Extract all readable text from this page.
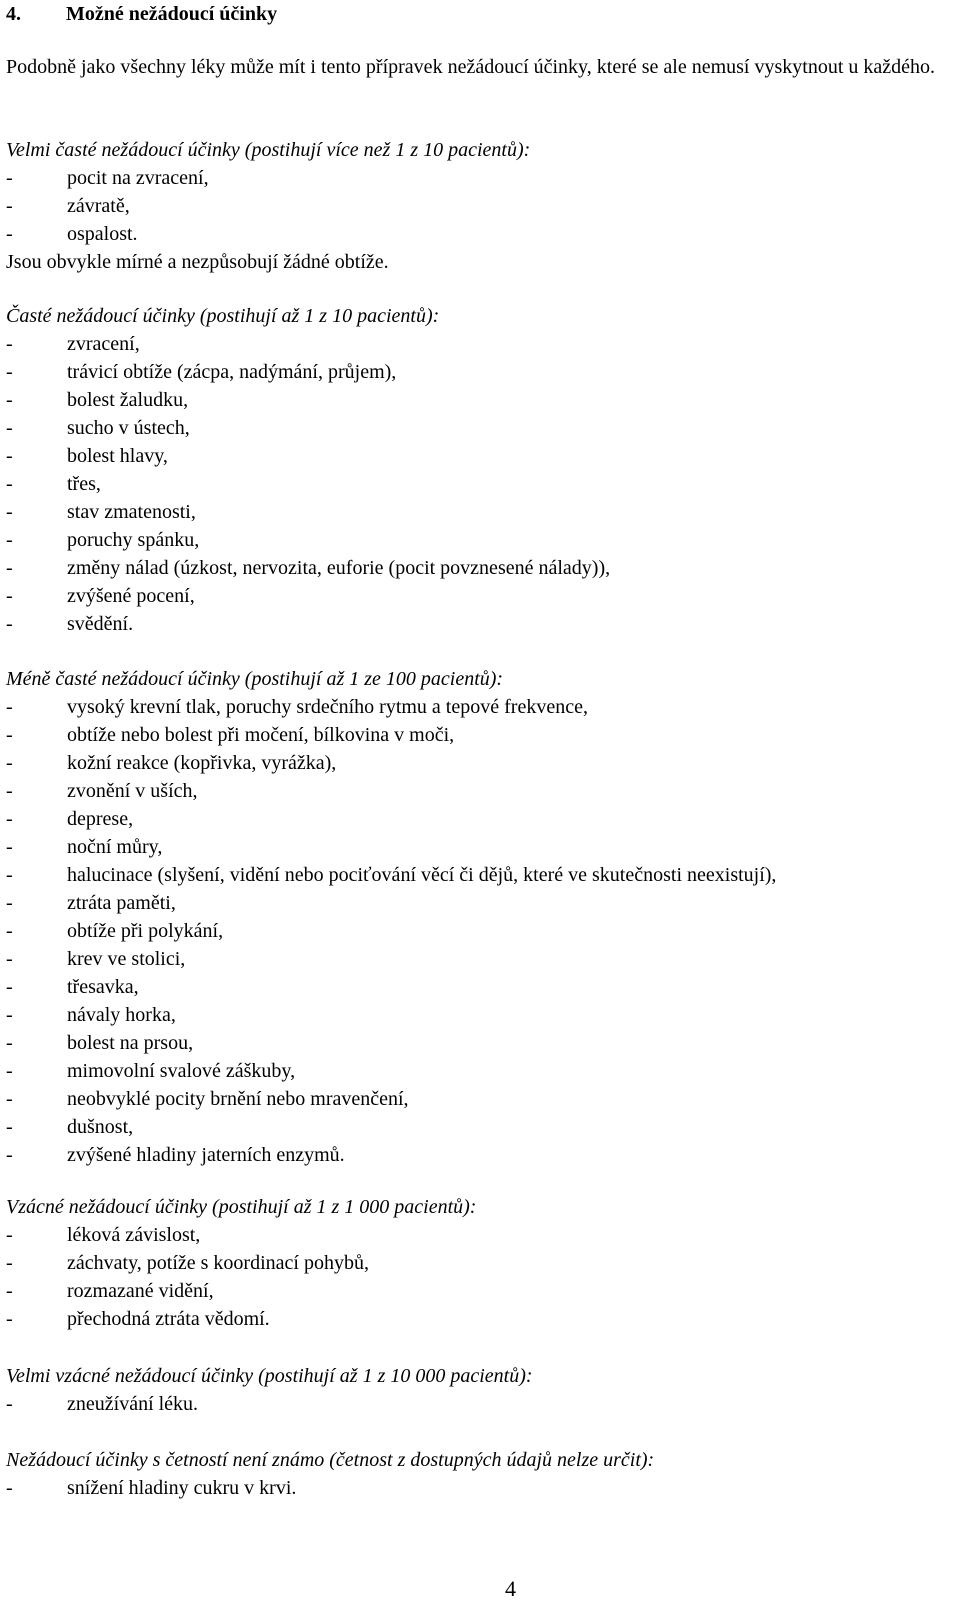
4. Možné nežádoucí účinky
Podobně jako všechny léky může mít i tento přípravek nežádoucí účinky, které se ale nemusí vyskytnout u každého.
Velmi časté nežádoucí účinky (postihují více než 1 z 10 pacientů):
-	pocit na zvracení,
-	závratě,
-	ospalost.
Jsou obvykle mírné a nezpůsobují žádné obtíže.
Časté nežádoucí účinky (postihují až 1 z 10 pacientů):
-	zvracení,
-	trávicí obtíže (zácpa, nadýmání, průjem),
-	bolest žaludku,
-	sucho v ústech,
-	bolest hlavy,
-	třes,
-	stav zmatenosti,
-	poruchy spánku,
-	změny nálad (úzkost, nervozita, euforie (pocit povznesené nálady)),
-	zvýšené pocení,
-	svědění.
Méně časté nežádoucí účinky (postihují až 1 ze 100 pacientů):
-	vysoký krevní tlak, poruchy srdečního rytmu a tepové frekvence,
-	obtíže nebo bolest při močení, bílkovina v moči,
-	kožní reakce (kopřivka, vyrážka),
-	zvonění v uších,
-	deprese,
-	noční můry,
-	halucinace (slyšení, vidění nebo pociťování věcí či dějů, které ve skutečnosti neexistují),
-	ztráta paměti,
-	obtíže při polykání,
-	krev ve stolici,
-	třesavka,
-	návaly horka,
-	bolest na prsou,
-	mimovolní svalové záškuby,
-	neobvyklé pocity brnění nebo mravenčení,
-	dušnost,
-	zvýšené hladiny jaterních enzymů.
Vzácné nežádoucí účinky (postihují až 1 z 1 000 pacientů):
-	léková závislost,
-	záchvaty, potíže s koordinací pohybů,
-	rozmazané vidění,
-	přechodná ztráta vědomí.
Velmi vzácné nežádoucí účinky (postihují až 1 z 10 000 pacientů):
-	zneužívání léku.
Nežádoucí účinky s četností není známo (četnost z dostupných údajů nelze určit):
-	snížení hladiny cukru v krvi.
4
